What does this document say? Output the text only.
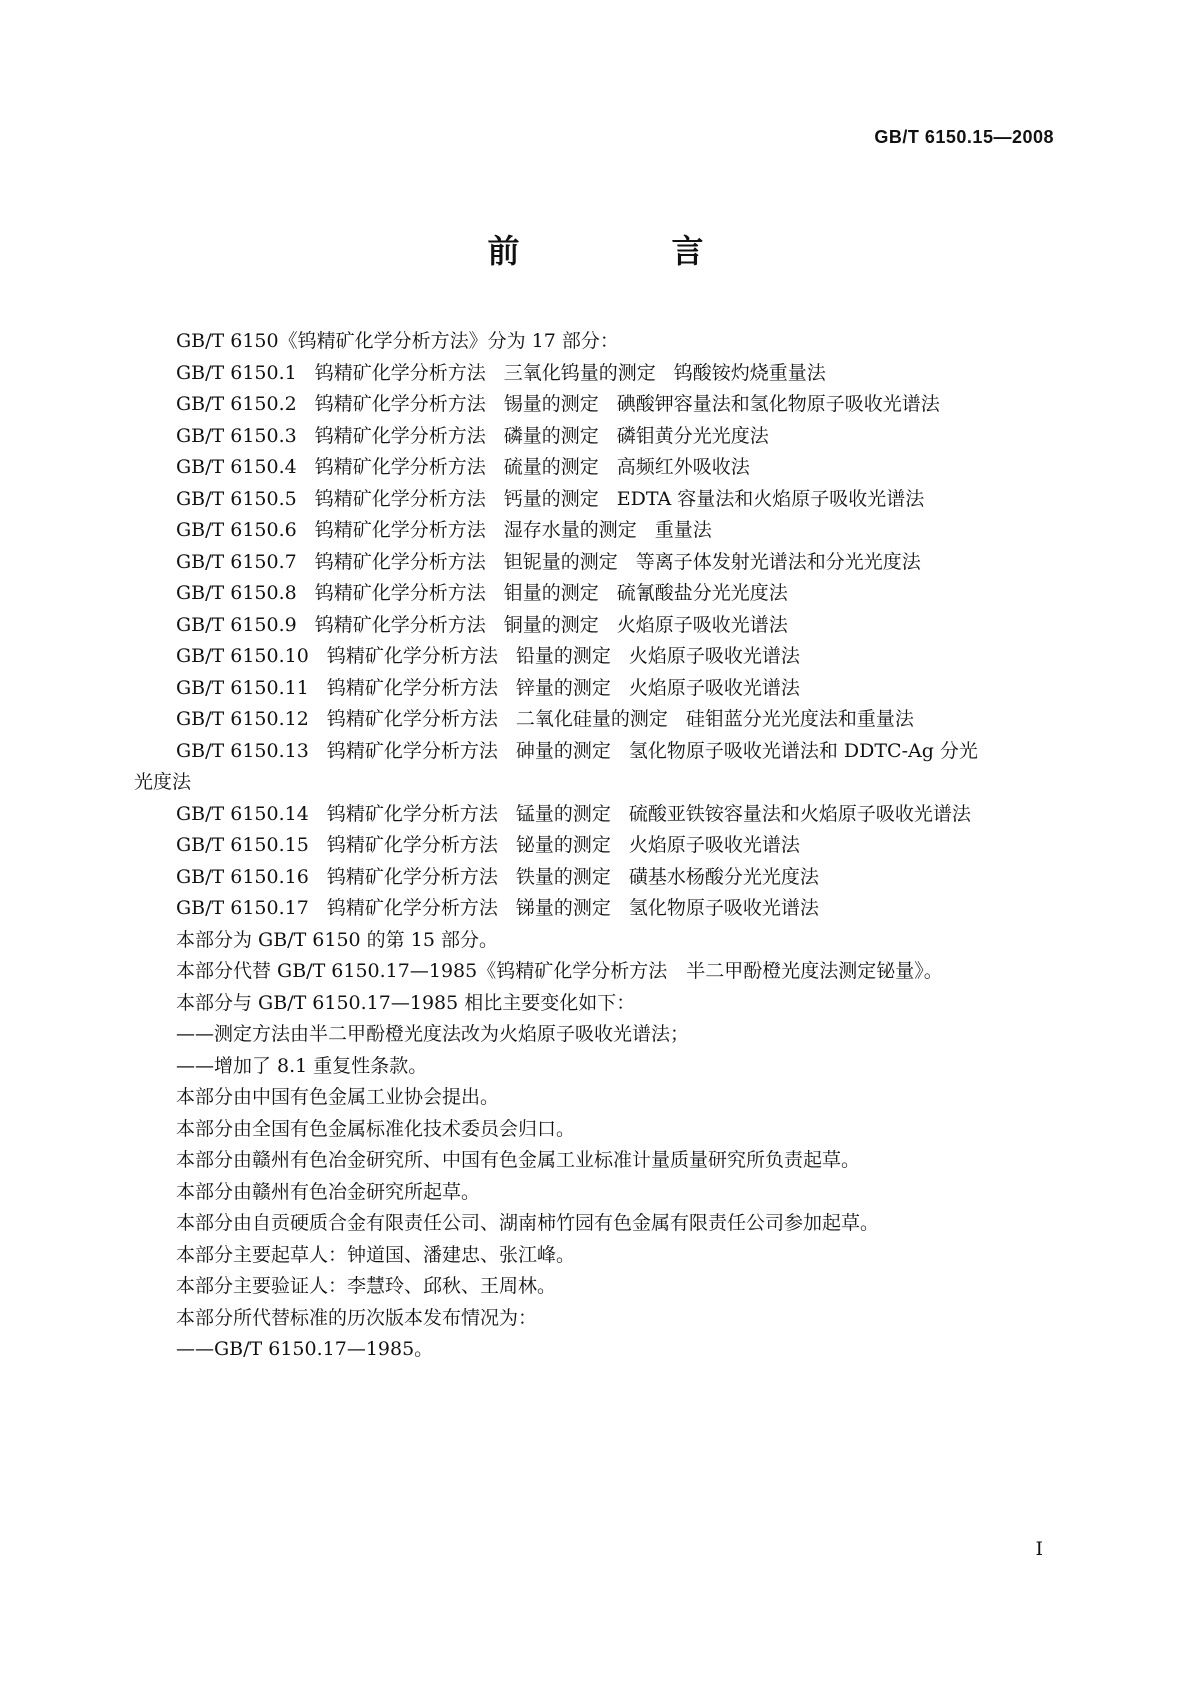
GB/T 6150.15—2008
前　言
GB/T 6150《钨精矿化学分析方法》分为 17 部分：
GB/T 6150.1 钨精矿化学分析方法 三氧化钨量的测定 钨酸铵灼烧重量法
GB/T 6150.2 钨精矿化学分析方法 锡量的测定 碘酸钾容量法和氢化物原子吸收光谱法
GB/T 6150.3 钨精矿化学分析方法 磷量的测定 磷钼黄分光光度法
GB/T 6150.4 钨精矿化学分析方法 硫量的测定 高频红外吸收法
GB/T 6150.5 钨精矿化学分析方法 钙量的测定 EDTA 容量法和火焰原子吸收光谱法
GB/T 6150.6 钨精矿化学分析方法 湿存水量的测定 重量法
GB/T 6150.7 钨精矿化学分析方法 钽铌量的测定 等离子体发射光谱法和分光光度法
GB/T 6150.8 钨精矿化学分析方法 钼量的测定 硫氰酸盐分光光度法
GB/T 6150.9 钨精矿化学分析方法 铜量的测定 火焰原子吸收光谱法
GB/T 6150.10 钨精矿化学分析方法 铅量的测定 火焰原子吸收光谱法
GB/T 6150.11 钨精矿化学分析方法 锌量的测定 火焰原子吸收光谱法
GB/T 6150.12 钨精矿化学分析方法 二氧化硅量的测定 硅钼蓝分光光度法和重量法
GB/T 6150.13 钨精矿化学分析方法 砷量的测定 氢化物原子吸收光谱法和 DDTC-Ag 分光
光度法
GB/T 6150.14 钨精矿化学分析方法 锰量的测定 硫酸亚铁铵容量法和火焰原子吸收光谱法
GB/T 6150.15 钨精矿化学分析方法 铋量的测定 火焰原子吸收光谱法
GB/T 6150.16 钨精矿化学分析方法 铁量的测定 磺基水杨酸分光光度法
GB/T 6150.17 钨精矿化学分析方法 锑量的测定 氢化物原子吸收光谱法
本部分为 GB/T 6150 的第 15 部分。
本部分代替 GB/T 6150.17—1985《钨精矿化学分析方法　半二甲酚橙光度法测定铋量》。
本部分与 GB/T 6150.17—1985 相比主要变化如下：
——测定方法由半二甲酚橙光度法改为火焰原子吸收光谱法；
——增加了 8.1 重复性条款。
本部分由中国有色金属工业协会提出。
本部分由全国有色金属标准化技术委员会归口。
本部分由赣州有色冶金研究所、中国有色金属工业标准计量质量研究所负责起草。
本部分由赣州有色冶金研究所起草。
本部分由自贡硬质合金有限责任公司、湖南柿竹园有色金属有限责任公司参加起草。
本部分主要起草人：钟道国、潘建忠、张江峰。
本部分主要验证人：李慧玲、邱秋、王周林。
本部分所代替标准的历次版本发布情况为：
——GB/T 6150.17—1985。
Ⅰ
